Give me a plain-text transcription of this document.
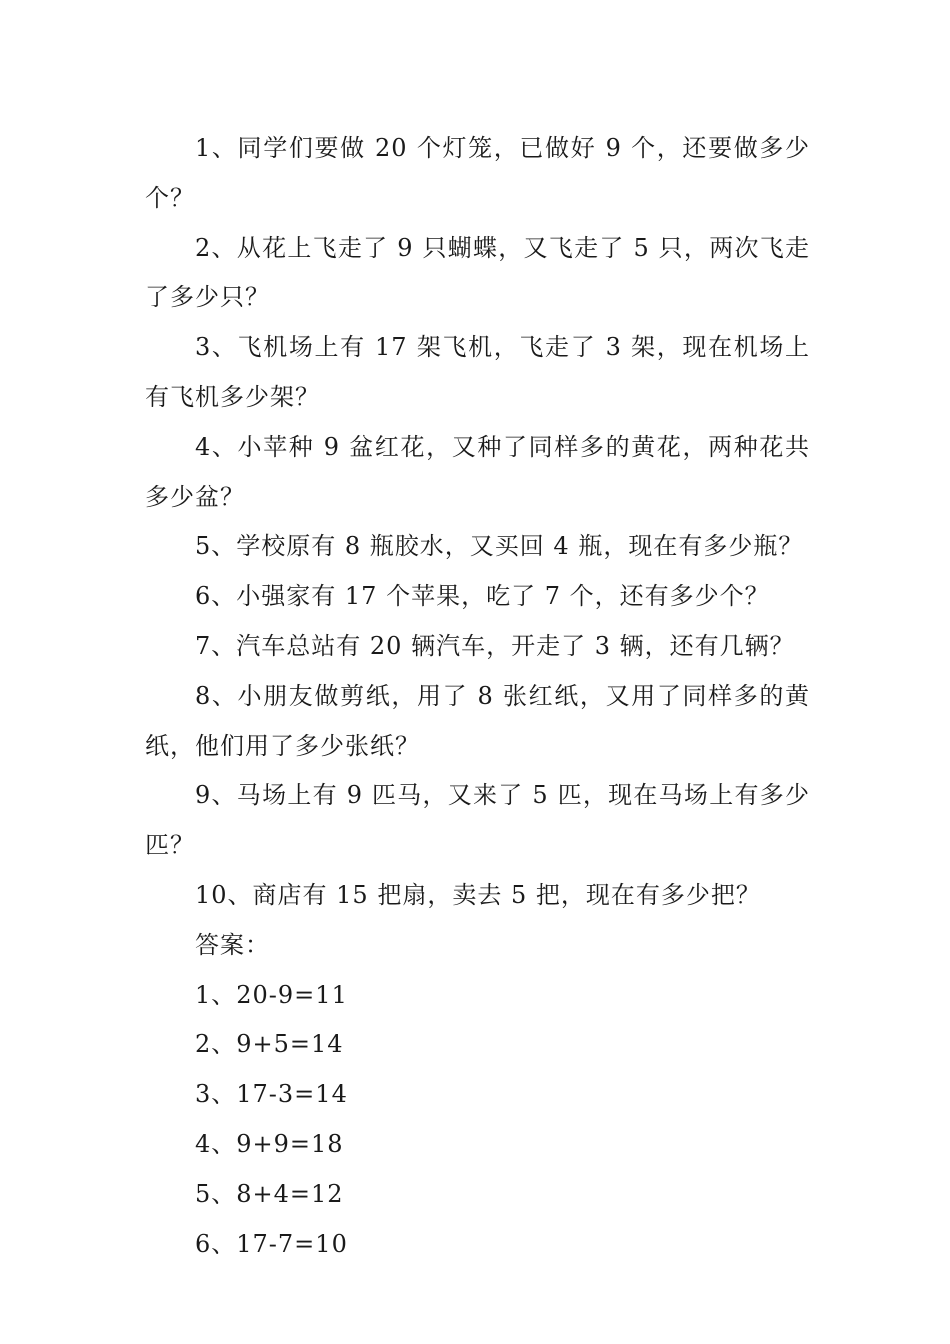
1、同学们要做 20 个灯笼，已做好 9 个，还要做多少个？

2、从花上飞走了 9 只蝴蝶，又飞走了 5 只，两次飞走了多少只？

3、飞机场上有 17 架飞机，飞走了 3 架，现在机场上有飞机多少架？

4、小苹种 9 盆红花，又种了同样多的黄花，两种花共多少盆？

5、学校原有 8 瓶胶水，又买回 4 瓶，现在有多少瓶？

6、小强家有 17 个苹果，吃了 7 个，还有多少个？

7、汽车总站有 20 辆汽车，开走了 3 辆，还有几辆？

8、小朋友做剪纸，用了 8 张红纸，又用了同样多的黄纸，他们用了多少张纸？

9、马场上有 9 匹马，又来了 5 匹，现在马场上有多少匹？

10、商店有 15 把扇，卖去 5 把，现在有多少把？

答案：

1、20-9=11

2、9+5=14

3、17-3=14

4、9+9=18

5、8+4=12

6、17-7=10
